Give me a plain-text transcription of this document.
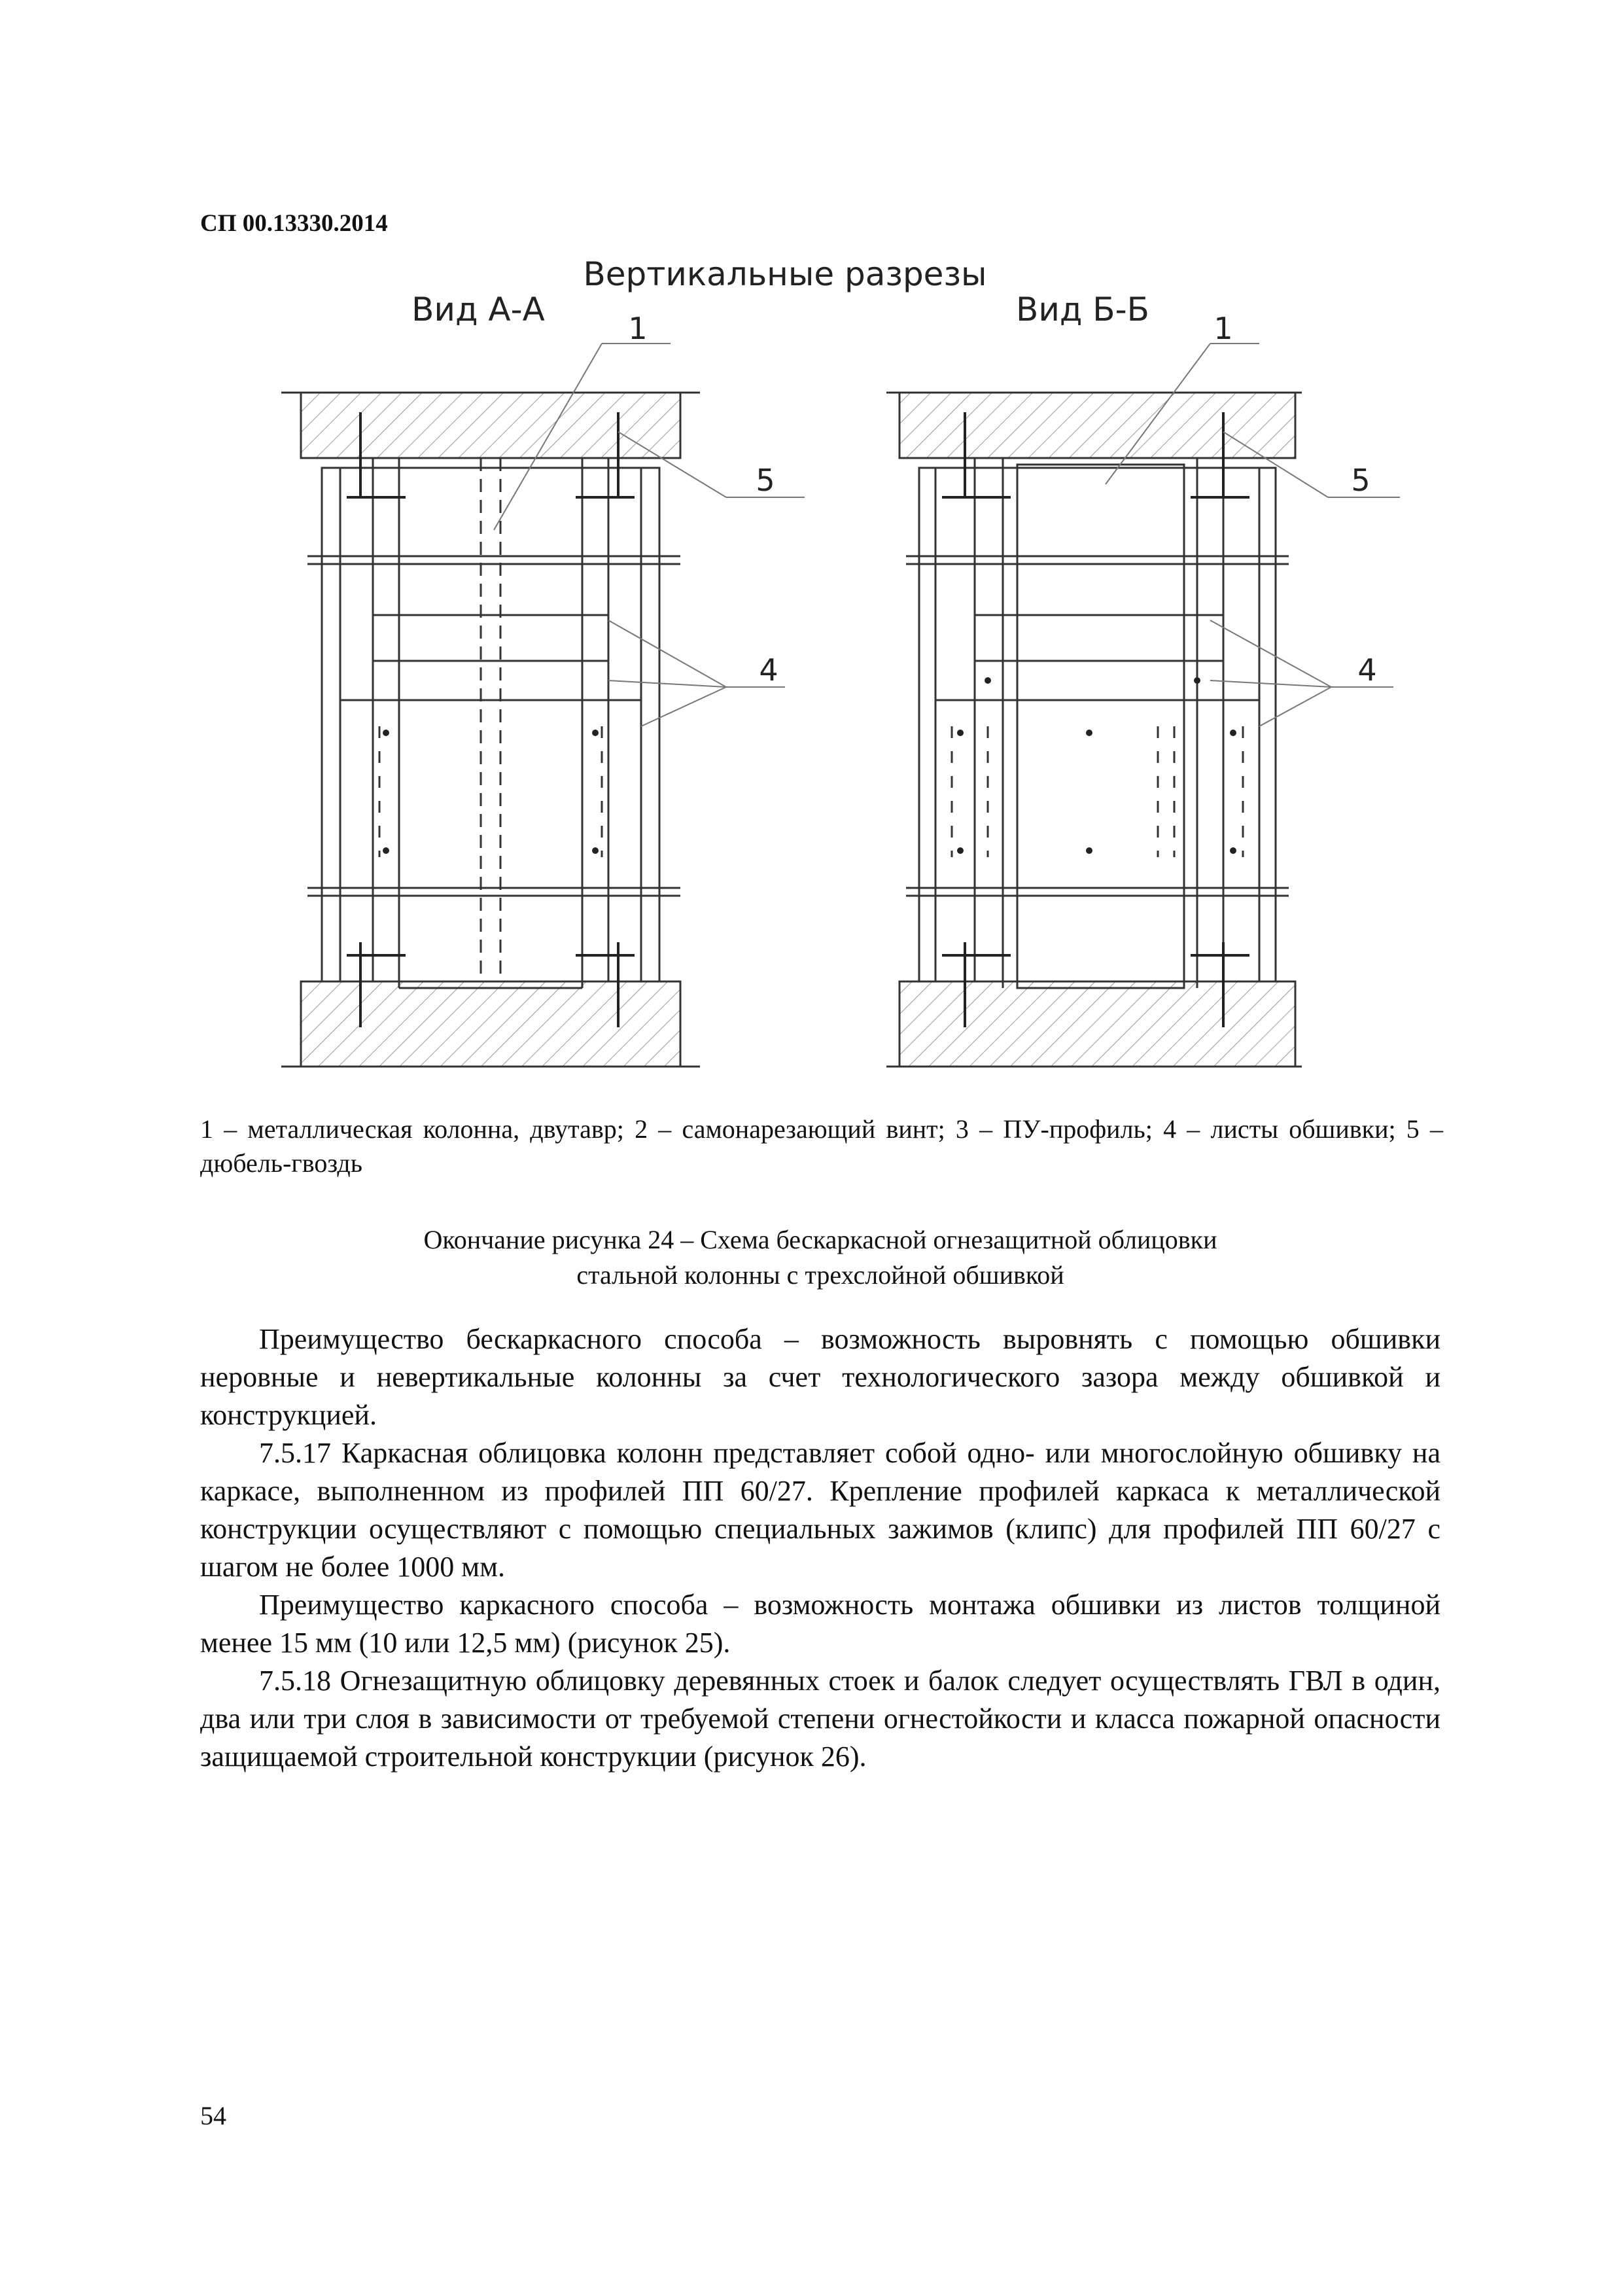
СП 00.13330.2014
Вертикальные разрезы
Вид А-А	1
5
4
Вид Б-Б 1
5
4
1 – металлическая колонна, двутавр; 2 – самонарезающий винт; 3 – ПУ-профиль; 4 – листы обшивки; 5 – дюбель-гвоздь
Окончание рисунка 24 – Схема бескаркасной огнезащитной облицовки
стальной колонны с трехслойной обшивкой

Преимущество бескаркасного способа – возможность выровнять с помощью обшивки неровные и невертикальные колонны за счет технологического зазора между обшивкой и конструкцией.

7.5.17 Каркасная облицовка колонн представляет собой одно- или многослойную обшивку на каркасе, выполненном из профилей ПП 60/27. Крепление профилей каркаса к металлической конструкции осуществляют с помощью специальных зажимов (клипс) для профилей ПП 60/27 с шагом не более 1000 мм.

Преимущество каркасного способа – возможность монтажа обшивки из листов толщиной менее 15 мм (10 или 12,5 мм) (рисунок 25).

7.5.18 Огнезащитную облицовку деревянных стоек и балок следует осуществлять ГВЛ в один, два или три слоя в зависимости от требуемой степени огнестойкости и класса пожарной опасности защищаемой строительной конструкции (рисунок 26).

54
